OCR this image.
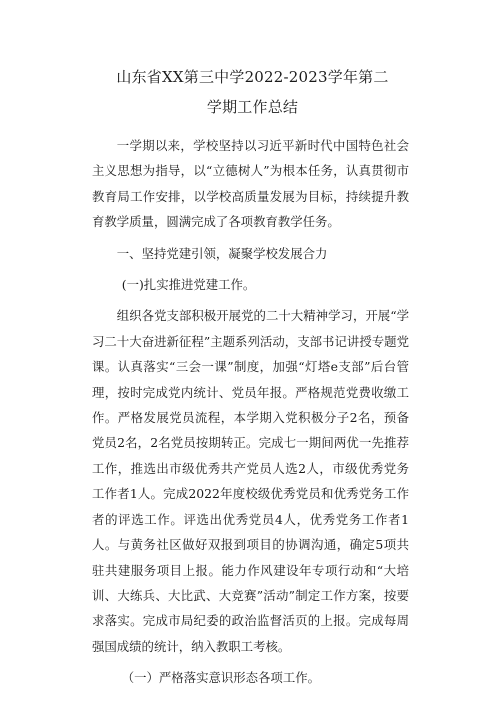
山东省XX第三中学2022-2023学年第二学期工作总结

一学期以来，学校坚持以习近平新时代中国特色社会主义思想为指导，以“立德树人”为根本任务，认真贯彻市教育局工作安排，以学校高质量发展为目标，持续提升教育教学质量，圆满完成了各项教育教学任务。

一、坚持党建引领，凝聚学校发展合力

(一)扎实推进党建工作。

组织各党支部积极开展党的二十大精神学习，开展“学习二十大奋进新征程”主题系列活动，支部书记讲授专题党课。认真落实“三会一课”制度，加强“灯塔e支部”后台管理，按时完成党内统计、党员年报。严格规范党费收缴工作。严格发展党员流程，本学期入党积极分子2名，预备党员2名，2名党员按期转正。完成七一期间两优一先推荐工作，推选出市级优秀共产党员人选2人，市级优秀党务工作者1人。完成2022年度校级优秀党员和优秀党务工作者的评选工作。评选出优秀党员4人，优秀党务工作者1人。与黄务社区做好双报到项目的协调沟通，确定5项共驻共建服务项目上报。能力作风建设年专项行动和“大培训、大练兵、大比武、大竞赛”活动”制定工作方案，按要求落实。完成市局纪委的政治监督活页的上报。完成每周强国成绩的统计，纳入教职工考核。

（一）严格落实意识形态各项工作。
